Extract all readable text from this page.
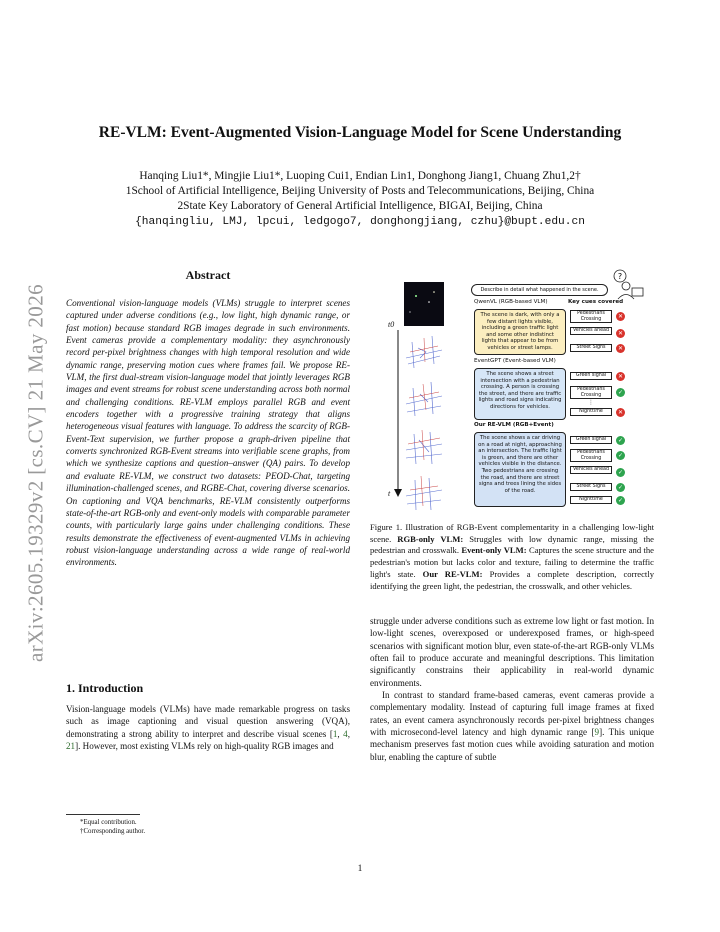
arXiv:2605.19329v2 [cs.CV] 21 May 2026
RE-VLM: Event-Augmented Vision-Language Model for Scene Understanding
Hanqing Liu1*, Mingjie Liu1*, Luoping Cui1, Endian Lin1, Donghong Jiang1, Chuang Zhu1,2†
1School of Artificial Intelligence, Beijing University of Posts and Telecommunications, Beijing, China
2State Key Laboratory of General Artificial Intelligence, BIGAI, Beijing, China
{hanqingliu, LMJ, lpcui, ledgogo7, donghongjiang, czhu}@bupt.edu.cn
Abstract
Conventional vision-language models (VLMs) struggle to interpret scenes captured under adverse conditions (e.g., low light, high dynamic range, or fast motion) because standard RGB images degrade in such environments. Event cameras provide a complementary modality: they asynchronously record per-pixel brightness changes with high temporal resolution and wide dynamic range, preserving motion cues where frames fail. We propose RE-VLM, the first dual-stream vision-language model that jointly leverages RGB images and event streams for robust scene understanding across both normal and challenging conditions. RE-VLM employs parallel RGB and event encoders together with a progressive training strategy that aligns heterogeneous visual features with language. To address the scarcity of RGB-Event-Text supervision, we further propose a graph-driven pipeline that converts synchronized RGB-Event streams into verifiable scene graphs, from which we synthesize captions and question–answer (QA) pairs. To develop and evaluate RE-VLM, we construct two datasets: PEOD-Chat, targeting illumination-challenged scenes, and RGBE-Chat, covering diverse scenarios. On captioning and VQA benchmarks, RE-VLM consistently outperforms state-of-the-art RGB-only and event-only models with comparable parameter counts, with particularly large gains under challenging conditions. These results demonstrate the effectiveness of event-augmented VLMs in achieving robust vision-language understanding across a wide range of real-world environments.
1. Introduction

Vision-language models (VLMs) have made remarkable progress on tasks such as image captioning and visual question answering (VQA), demonstrating a strong ability to interpret and describe visual scenes [1, 4, 21]. However, most existing VLMs rely on high-quality RGB images and

*Equal contribution.
†Corresponding author.
t0
t
Describe in detail what happened in the scene.
?
QwenVL (RGB-based VLM)	Key cues covered
The scene is dark, with only a few distant lights visible, including a green traffic light and some other indistinct lights that appear to be from vehicles or street lamps.
Pedestrians Crossing	✕
Vehicles ahead	✕
Street Signs	✕
EventGPT (Event-based VLM)
The scene shows a street intersection with a pedestrian crossing. A person is crossing the street, and there are traffic lights and road signs indicating directions for vehicles.
Green signal	✕
Pedestrians Crossing	✓
⋮
Nighttime	✕
Our RE-VLM (RGB+Event)
The scene shows a car driving on a road at night, approaching an intersection. The traffic light is green, and there are other vehicles visible in the distance. Two pedestrians are crossing the road, and there are street signs and trees lining the sides of the road.
Green signal	✓
Pedestrians Crossing	✓
Vehicles ahead	✓
Street Signs	✓
Nighttime	✓
Figure 1. Illustration of RGB-Event complementarity in a challenging low-light scene. RGB-only VLM: Struggles with low dynamic range, missing the pedestrian and crosswalk. Event-only VLM: Captures the scene structure and the pedestrian's motion but lacks color and texture, failing to determine the traffic light's state. Our RE-VLM: Provides a complete description, correctly identifying the green light, the pedestrian, the crosswalk, and other vehicles.

struggle under adverse conditions such as extreme low light or fast motion. In low-light scenes, overexposed or underexposed frames, or high-speed scenarios with significant motion blur, even state-of-the-art RGB-only VLMs often fail to produce accurate and meaningful descriptions. This limitation significantly constrains their applicability in real-world dynamic environments.

In contrast to standard frame-based cameras, event cameras provide a complementary modality. Instead of capturing full image frames at fixed rates, an event camera asynchronously records per-pixel brightness changes with microsecond-level latency and high dynamic range [9]. This unique mechanism preserves fast motion cues while avoiding saturation and motion blur, enabling the capture of subtle

1
